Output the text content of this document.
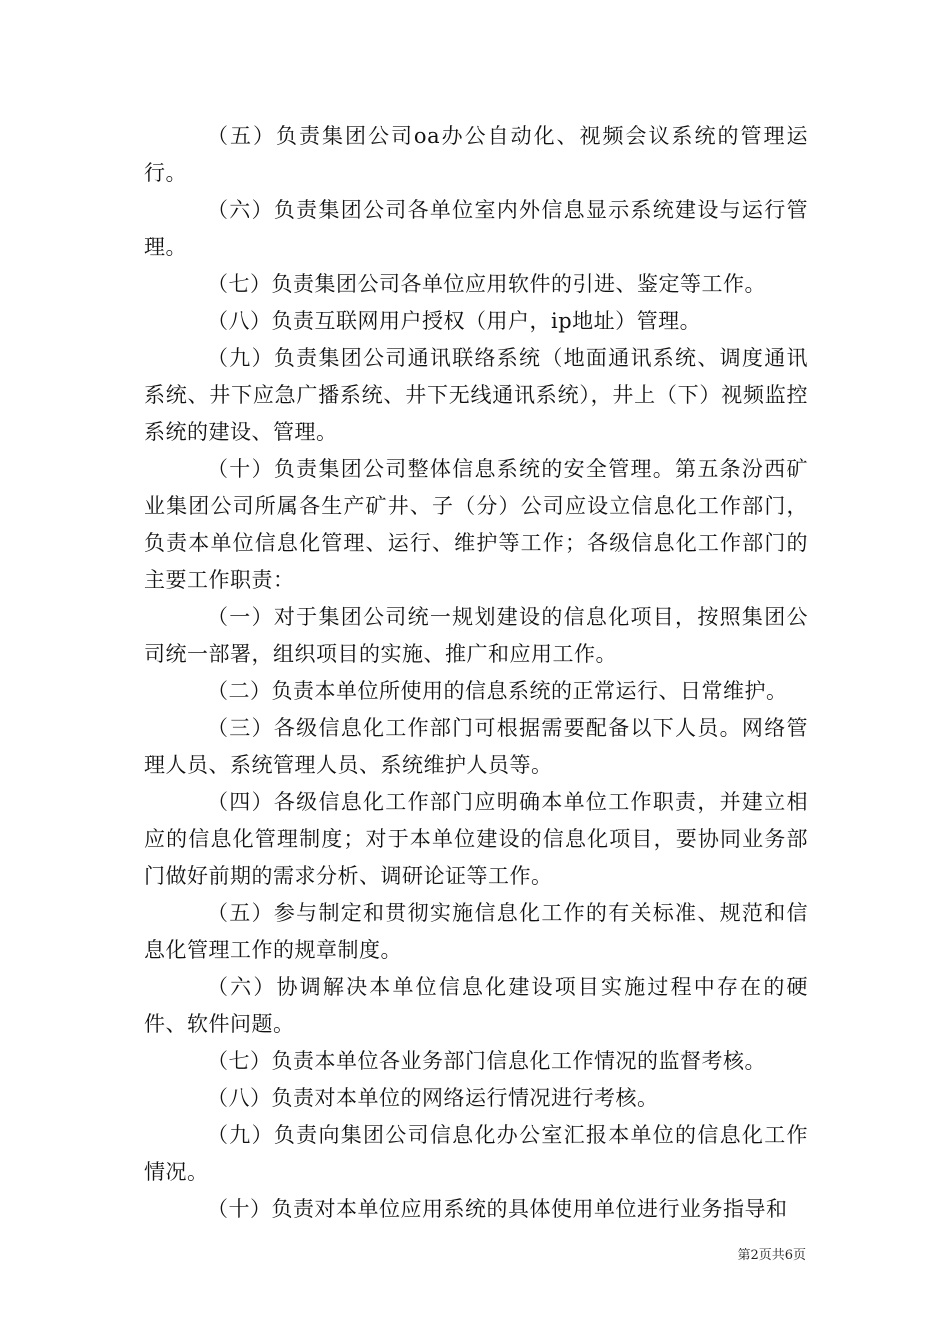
（五）负责集团公司oa办公自动化、视频会议系统的管理运行。

（六）负责集团公司各单位室内外信息显示系统建设与运行管理。

（七）负责集团公司各单位应用软件的引进、鉴定等工作。

（八）负责互联网用户授权（用户，ip地址）管理。

（九）负责集团公司通讯联络系统（地面通讯系统、调度通讯系统、井下应急广播系统、井下无线通讯系统），井上（下）视频监控系统的建设、管理。

（十）负责集团公司整体信息系统的安全管理。第五条汾西矿业集团公司所属各生产矿井、子（分）公司应设立信息化工作部门，负责本单位信息化管理、运行、维护等工作；各级信息化工作部门的主要工作职责：

（一）对于集团公司统一规划建设的信息化项目，按照集团公司统一部署，组织项目的实施、推广和应用工作。

（二）负责本单位所使用的信息系统的正常运行、日常维护。

（三）各级信息化工作部门可根据需要配备以下人员。网络管理人员、系统管理人员、系统维护人员等。

（四）各级信息化工作部门应明确本单位工作职责，并建立相应的信息化管理制度；对于本单位建设的信息化项目，要协同业务部门做好前期的需求分析、调研论证等工作。

（五）参与制定和贯彻实施信息化工作的有关标准、规范和信息化管理工作的规章制度。

（六）协调解决本单位信息化建设项目实施过程中存在的硬件、软件问题。

（七）负责本单位各业务部门信息化工作情况的监督考核。

（八）负责对本单位的网络运行情况进行考核。

（九）负责向集团公司信息化办公室汇报本单位的信息化工作情况。

（十）负责对本单位应用系统的具体使用单位进行业务指导和

第2页共6页
